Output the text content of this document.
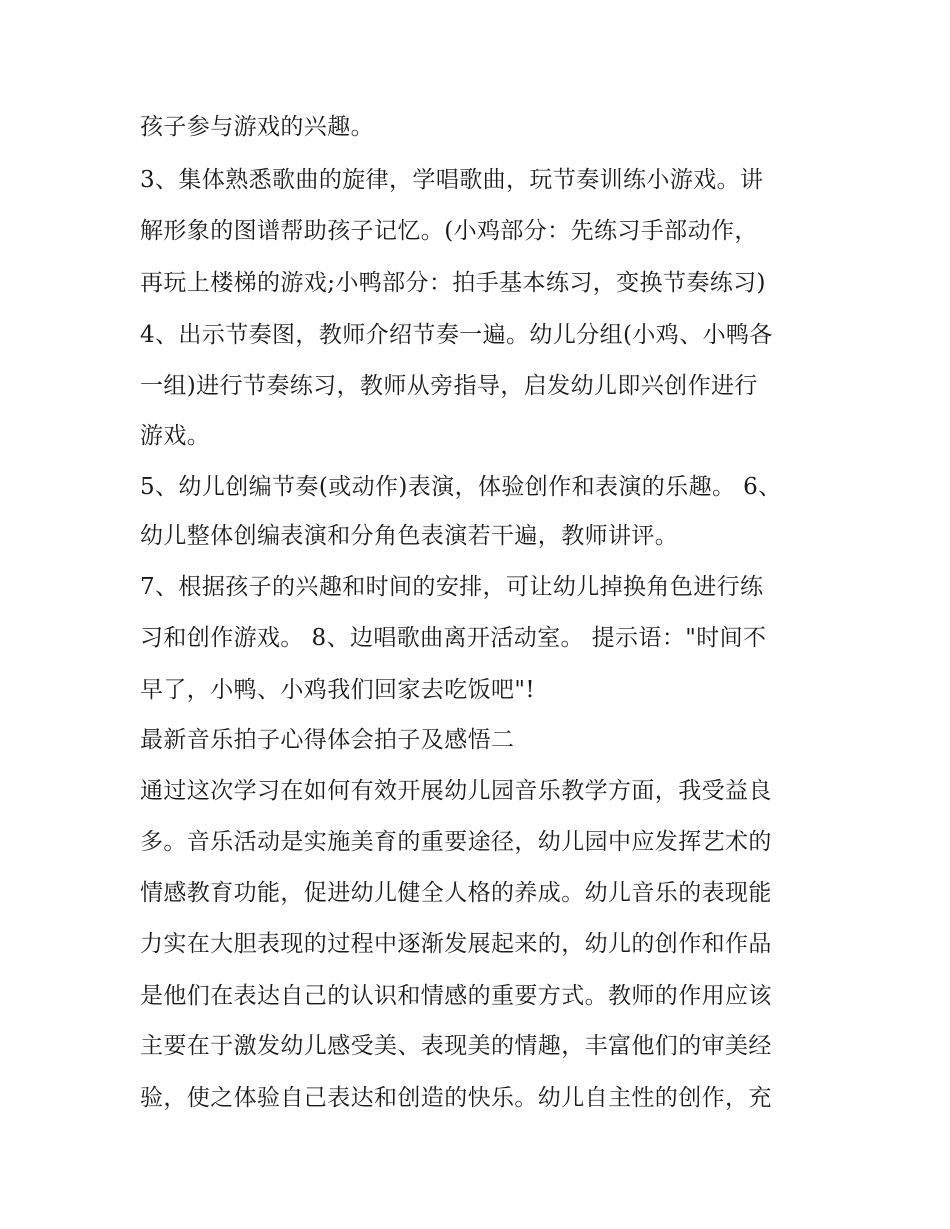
孩子参与游戏的兴趣。
3、集体熟悉歌曲的旋律，学唱歌曲，玩节奏训练小游戏。讲
解形象的图谱帮助孩子记忆。(小鸡部分：先练习手部动作，
再玩上楼梯的游戏;小鸭部分：拍手基本练习，变换节奏练习)
4、出示节奏图，教师介绍节奏一遍。幼儿分组(小鸡、小鸭各
一组)进行节奏练习，教师从旁指导，启发幼儿即兴创作进行
游戏。
5、幼儿创编节奏(或动作)表演，体验创作和表演的乐趣。 6、
幼儿整体创编表演和分角色表演若干遍，教师讲评。
7、根据孩子的兴趣和时间的安排，可让幼儿掉换角色进行练
习和创作游戏。 8、边唱歌曲离开活动室。 提示语："时间不
早了，小鸭、小鸡我们回家去吃饭吧"!
最新音乐拍子心得体会拍子及感悟二
通过这次学习在如何有效开展幼儿园音乐教学方面，我受益良
多。音乐活动是实施美育的重要途径，幼儿园中应发挥艺术的
情感教育功能，促进幼儿健全人格的养成。幼儿音乐的表现能
力实在大胆表现的过程中逐渐发展起来的，幼儿的创作和作品
是他们在表达自己的认识和情感的重要方式。教师的作用应该
主要在于激发幼儿感受美、表现美的情趣，丰富他们的审美经
验，使之体验自己表达和创造的快乐。幼儿自主性的创作，充
